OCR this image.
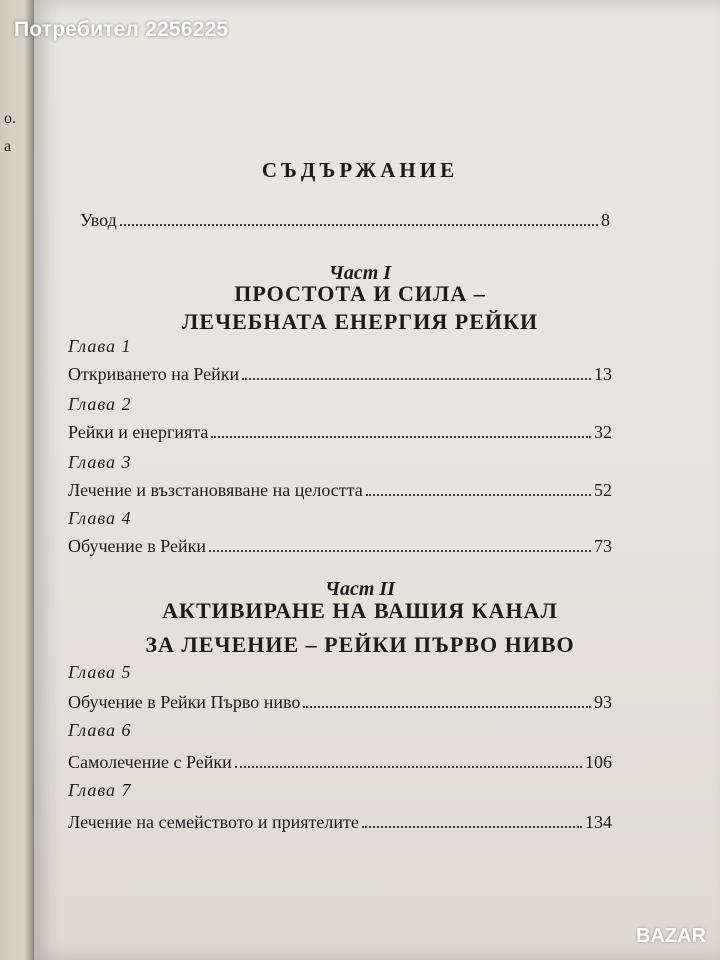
о.
а
Потребител 2256225
СЪДЪРЖАНИЕ
Увод	8
Част I
ПРОСТОТА И СИЛА –
ЛЕЧЕБНАТА ЕНЕРГИЯ РЕЙКИ
Глава 1
Откриването на Рейки	13
Глава 2
Рейки и енергията	32
Глава 3
Лечение и възстановяване на целостта	52
Глава 4
Обучение в Рейки	73
Част II
АКТИВИРАНЕ НА ВАШИЯ КАНАЛ
ЗА ЛЕЧЕНИЕ – РЕЙКИ ПЪРВО НИВО
Глава 5
Обучение в Рейки Първо ниво	93
Глава 6
Самолечение с Рейки	106
Глава 7
Лечение на семейството и приятелите	134
BAZAR
